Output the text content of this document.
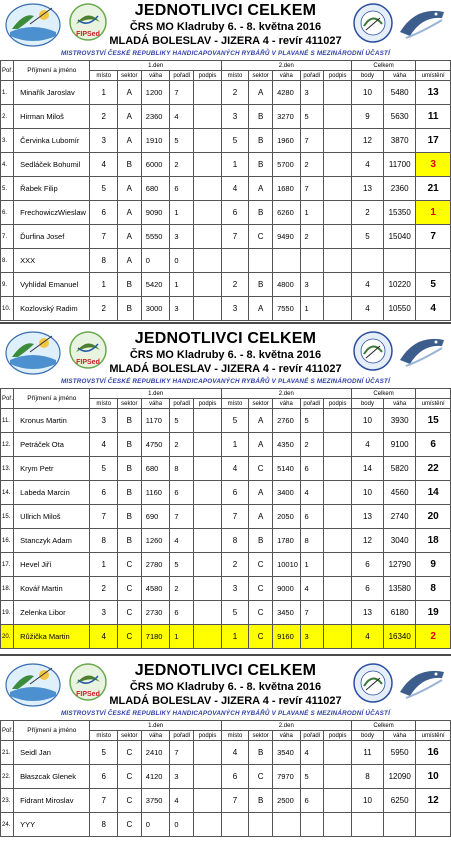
FIPSed
JEDNOTLIVCI CELKEM
ČRS MO Kladruby 6. - 8. května 2016
MLADÁ BOLESLAV - JIZERA 4 - revír 411027
MISTROVSTVÍ ČESKÉ REPUBLIKY HANDICAPOVANÝCH RYBÁŘŮ V PLAVANÉ S MEZINÁRODNÍ ÚČASTÍ
Poř.	Příjmení a jméno	1.den					2.den					Celkem		
		místo	sektor	váha	pořadí	podpis	místo	sektor	váha	pořadí	podpis	body	váha	umístění
1.	Minařík Jaroslav	1	A	1200	7		2	A	4280	3		10	5480	13
2.	Hirman Miloš	2	A	2360	4		3	B	3270	5		9	5630	11
3.	Červinka Lubomír	3	A	1910	5		5	B	1960	7		12	3870	17
4.	Sedláček Bohumil	4	B	6000	2		1	B	5700	2		4	11700	3
5.	Řabek Filip	5	A	680	6		4	A	1680	7		13	2360	21
6.	FrechowiczWieslaw	6	A	9090	1		6	B	6260	1		2	15350	1
7.	Ďurfina Josef	7	A	5550	3		7	C	9490	2		5	15040	7
8.	XXX	8	A	0	0									
9.	Vyhlídal Emanuel	1	B	5420	1		2	B	4800	3		4	10220	5
10.	Kozlovský Radim	2	B	3000	3		3	A	7550	1		4	10550	4
FIPSed
JEDNOTLIVCI CELKEM
ČRS MO Kladruby 6. - 8. května 2016
MLADÁ BOLESLAV - JIZERA 4 - revír 411027
MISTROVSTVÍ ČESKÉ REPUBLIKY HANDICAPOVANÝCH RYBÁŘŮ V PLAVANÉ S MEZINÁRODNÍ ÚČASTÍ
Poř.	Příjmení a jméno	1.den					2.den					Celkem		
		místo	sektor	váha	pořadí	podpis	místo	sektor	váha	pořadí	podpis	body	váha	umístění
11.	Kronus Martin	3	B	1170	5		5	A	2760	5		10	3930	15
12.	Petráček Ota	4	B	4750	2		1	A	4350	2		4	9100	6
13.	Krym Petr	5	B	680	8		4	C	5140	6		14	5820	22
14.	Labeda Marcin	6	B	1160	6		6	A	3400	4		10	4560	14
15.	Ullrich Miloš	7	B	690	7		7	A	2050	6		13	2740	20
16.	Stanczyk Adam	8	B	1260	4		8	B	1780	8		12	3040	18
17.	Hevel Jiří	1	C	2780	5		2	C	10010	1		6	12790	9
18.	Kovář Martin	2	C	4580	2		3	C	9000	4		6	13580	8
19.	Zelenka Libor	3	C	2730	6		5	C	3450	7		13	6180	19
20.	Růžička Martin	4	C	7180	1		1	C	9160	3		4	16340	2
FIPSed
JEDNOTLIVCI CELKEM
ČRS MO Kladruby 6. - 8. května 2016
MLADÁ BOLESLAV - JIZERA 4 - revír 411027
MISTROVSTVÍ ČESKÉ REPUBLIKY HANDICAPOVANÝCH RYBÁŘŮ V PLAVANÉ S MEZINÁRODNÍ ÚČASTÍ
Poř.	Příjmení a jméno	1.den					2.den					Celkem		
		místo	sektor	váha	pořadí	podpis	místo	sektor	váha	pořadí	podpis	body	váha	umístění
21.	Seidl Jan	5	C	2410	7		4	B	3540	4		11	5950	16
22.	Błaszcak Glenek	6	C	4120	3		6	C	7970	5		8	12090	10
23.	Fidrant Miroslav	7	C	3750	4		7	B	2500	6		10	6250	12
24.	YYY	8	C	0	0									
